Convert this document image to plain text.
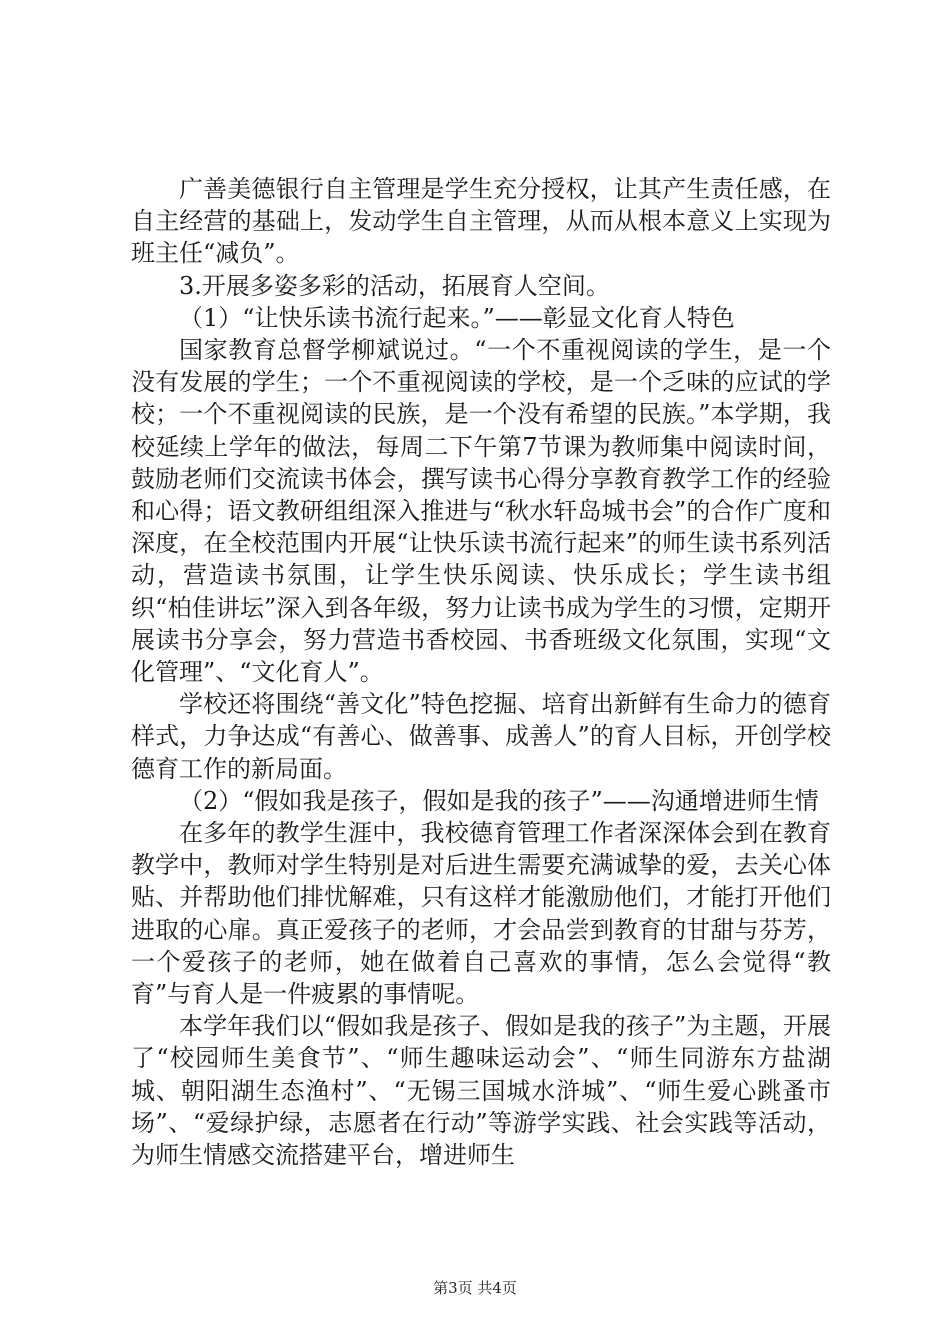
广善美德银行自主管理是学生充分授权，让其产生责任感，在自主经营的基础上，发动学生自主管理，从而从根本意义上实现为班主任“减负”。

3.开展多姿多彩的活动，拓展育人空间。

（1）“让快乐读书流行起来。”——彰显文化育人特色

国家教育总督学柳斌说过。“一个不重视阅读的学生，是一个没有发展的学生；一个不重视阅读的学校，是一个乏味的应试的学校；一个不重视阅读的民族，是一个没有希望的民族。”本学期，我校延续上学年的做法，每周二下午第7节课为教师集中阅读时间，鼓励老师们交流读书体会，撰写读书心得分享教育教学工作的经验和心得；语文教研组组深入推进与“秋水轩岛城书会”的合作广度和深度，在全校范围内开展“让快乐读书流行起来”的师生读书系列活动，营造读书氛围，让学生快乐阅读、快乐成长；学生读书组织“柏佳讲坛”深入到各年级，努力让读书成为学生的习惯，定期开展读书分享会，努力营造书香校园、书香班级文化氛围，实现“文化管理”、“文化育人”。

学校还将围绕“善文化”特色挖掘、培育出新鲜有生命力的德育样式，力争达成“有善心、做善事、成善人”的育人目标，开创学校德育工作的新局面。

（2）“假如我是孩子，假如是我的孩子”——沟通增进师生情

在多年的教学生涯中，我校德育管理工作者深深体会到在教育教学中，教师对学生特别是对后进生需要充满诚挚的爱，去关心体贴、并帮助他们排忧解难，只有这样才能激励他们，才能打开他们进取的心扉。真正爱孩子的老师，才会品尝到教育的甘甜与芬芳，一个爱孩子的老师，她在做着自己喜欢的事情，怎么会觉得“教育”与育人是一件疲累的事情呢。

本学年我们以“假如我是孩子、假如是我的孩子”为主题，开展了“校园师生美食节”、“师生趣味运动会”、“师生同游东方盐湖城、朝阳湖生态渔村”、“无锡三国城水浒城”、“师生爱心跳蚤市场”、“爱绿护绿，志愿者在行动”等游学实践、社会实践等活动，为师生情感交流搭建平台，增进师生

第3页 共4页
